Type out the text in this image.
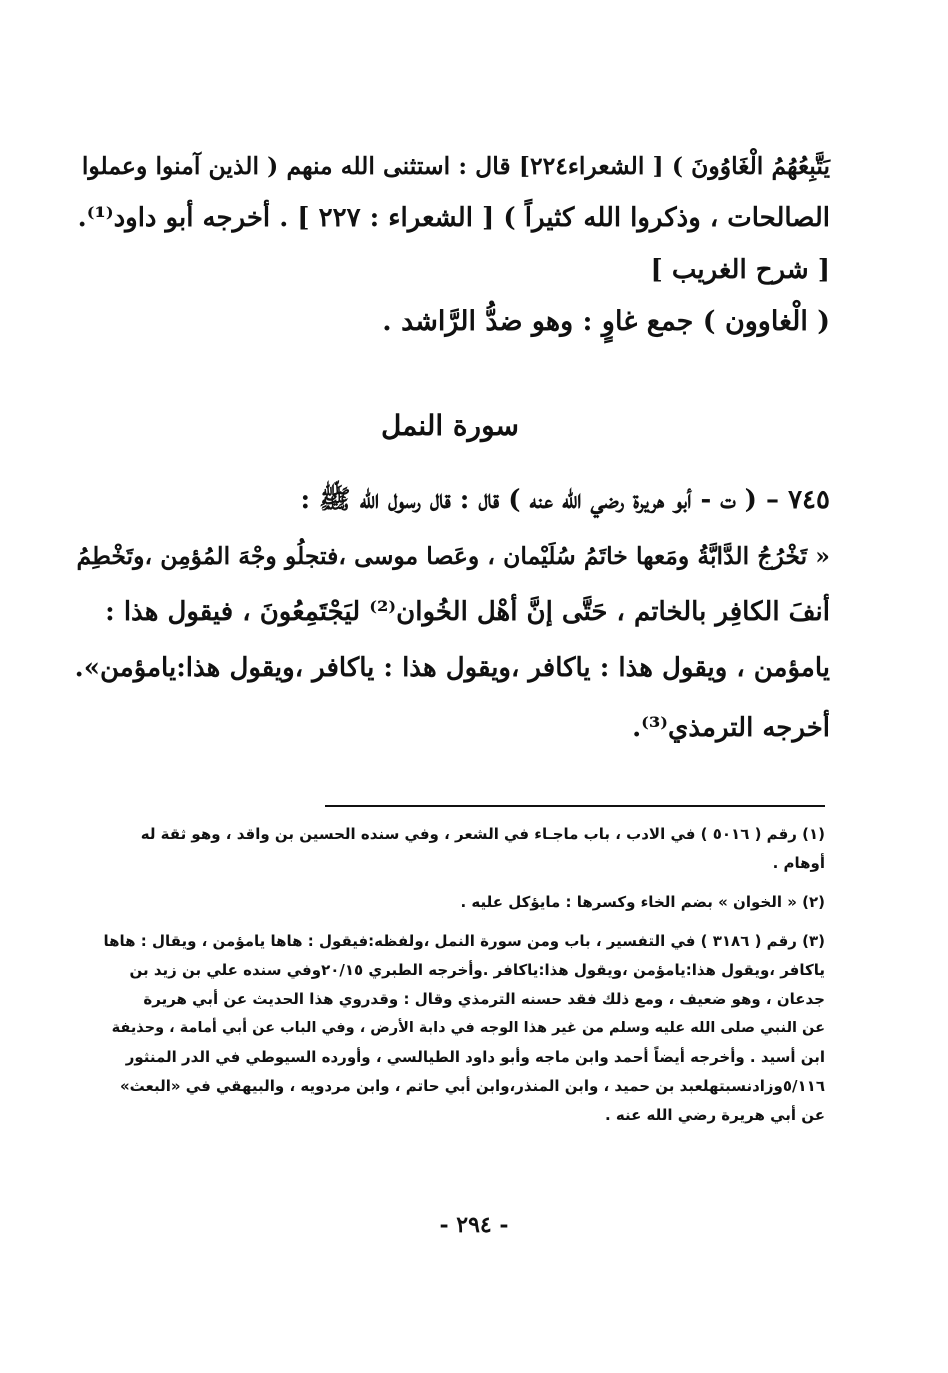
يَتَّبِعُهُمُ الْغَاوُونَ ) [ الشعراء٢٢٤] قال : استثنى الله منهم ( الذين آمنوا وعملوا

الصالحات ، وذكروا الله كثيراً ) [ الشعراء : ٢٢٧ ] . أخرجه أبو داود⁽¹⁾.

[ شرح الغريب ]

( الْغاوون ) جمع غاوٍ : وهو ضدُّ الرَّاشد .

سورة النمل

٧٤٥ – ( ت - أبو هريرة رضي الله عنه ) قال : قال رسول الله ﷺ :

« تَخْرُجُ الدَّابَّةُ ومَعها خاتَمُ سُلَيْمان ، وعَصا موسى ،فتجلُو وجْهَ المُؤمِن ،وتَخْطِمُ

أنفَ الكافِر بالخاتم ، حَتَّى إنَّ أهْل الخُوان⁽²⁾ ليَجْتَمِعُونَ ، فيقول هذا :

يامؤمن ، ويقول هذا : ياكافر ،ويقول هذا : ياكافر ،ويقول هذا:يامؤمن».

أخرجه الترمذي⁽³⁾.

(١) رقم ( ٥٠١٦ ) في الادب ، باب ماجـاء في الشعر ، وفي سنده الحسين بن واقد ، وهو ثقة له

أوهام .

(٢) « الخوان » بضم الخاء وكسرها : مايؤكل عليه .

(٣) رقم ( ٣١٨٦ ) في التفسير ، باب ومن سورة النمل ،ولفظه:فيقول : هاها يامؤمن ، ويقال : هاها

ياكافر ،ويقول هذا:يامؤمن ،ويقول هذا:ياكافر .وأخرجه الطبري ٢٠/١٥وفي سنده علي بن زيد بن

جدعان ، وهو ضعيف ، ومع ذلك فقد حسنه الترمذي وقال : وقدروي هذا الحديث عن أبي هريرة

عن النبي صلى الله عليه وسلم من غير هذا الوجه في دابة الأرض ، وفي الباب عن أبي أمامة ، وحذيفة

ابن أسيد . وأخرجه أيضاً أحمد وابن ماجه وأبو داود الطيالسي ، وأورده السيوطي في الدر المنثور

٥/١١٦وزادنسبتهلعبد بن حميد ، وابن المنذر،وابن أبي حاتم ، وابن مردويه ، والبيهقي في «البعث»

عن أبي هريرة رضي الله عنه .

- ٢٩٤ -
